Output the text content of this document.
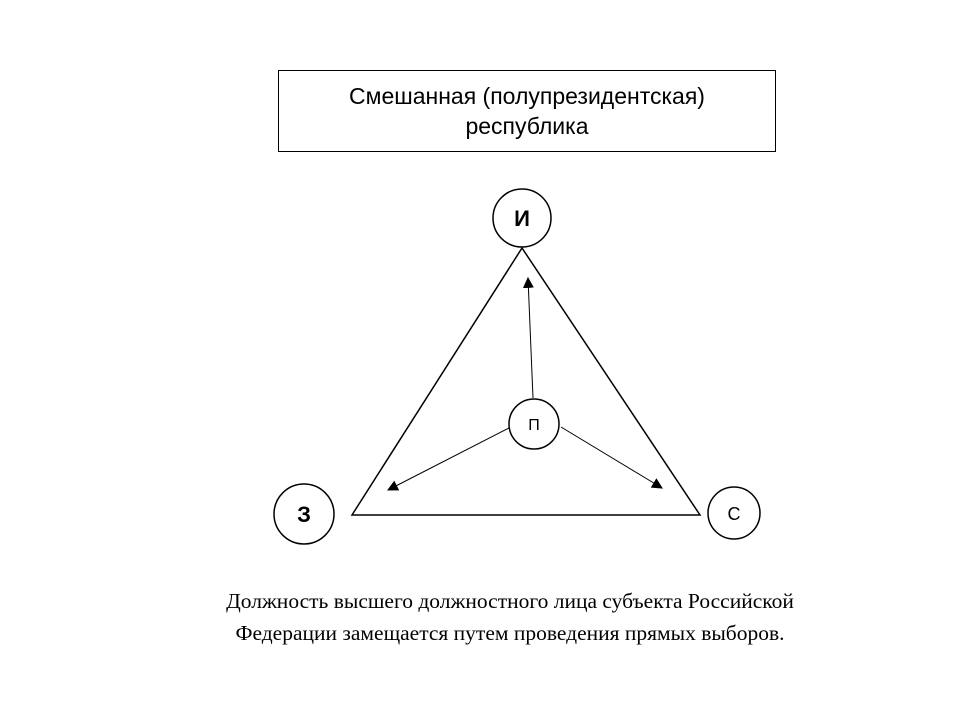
Смешанная (полупрезидентская)
республика
И
З	С
П
Должность высшего должностного лица субъекта Российской
Федерации замещается путем проведения прямых выборов.
